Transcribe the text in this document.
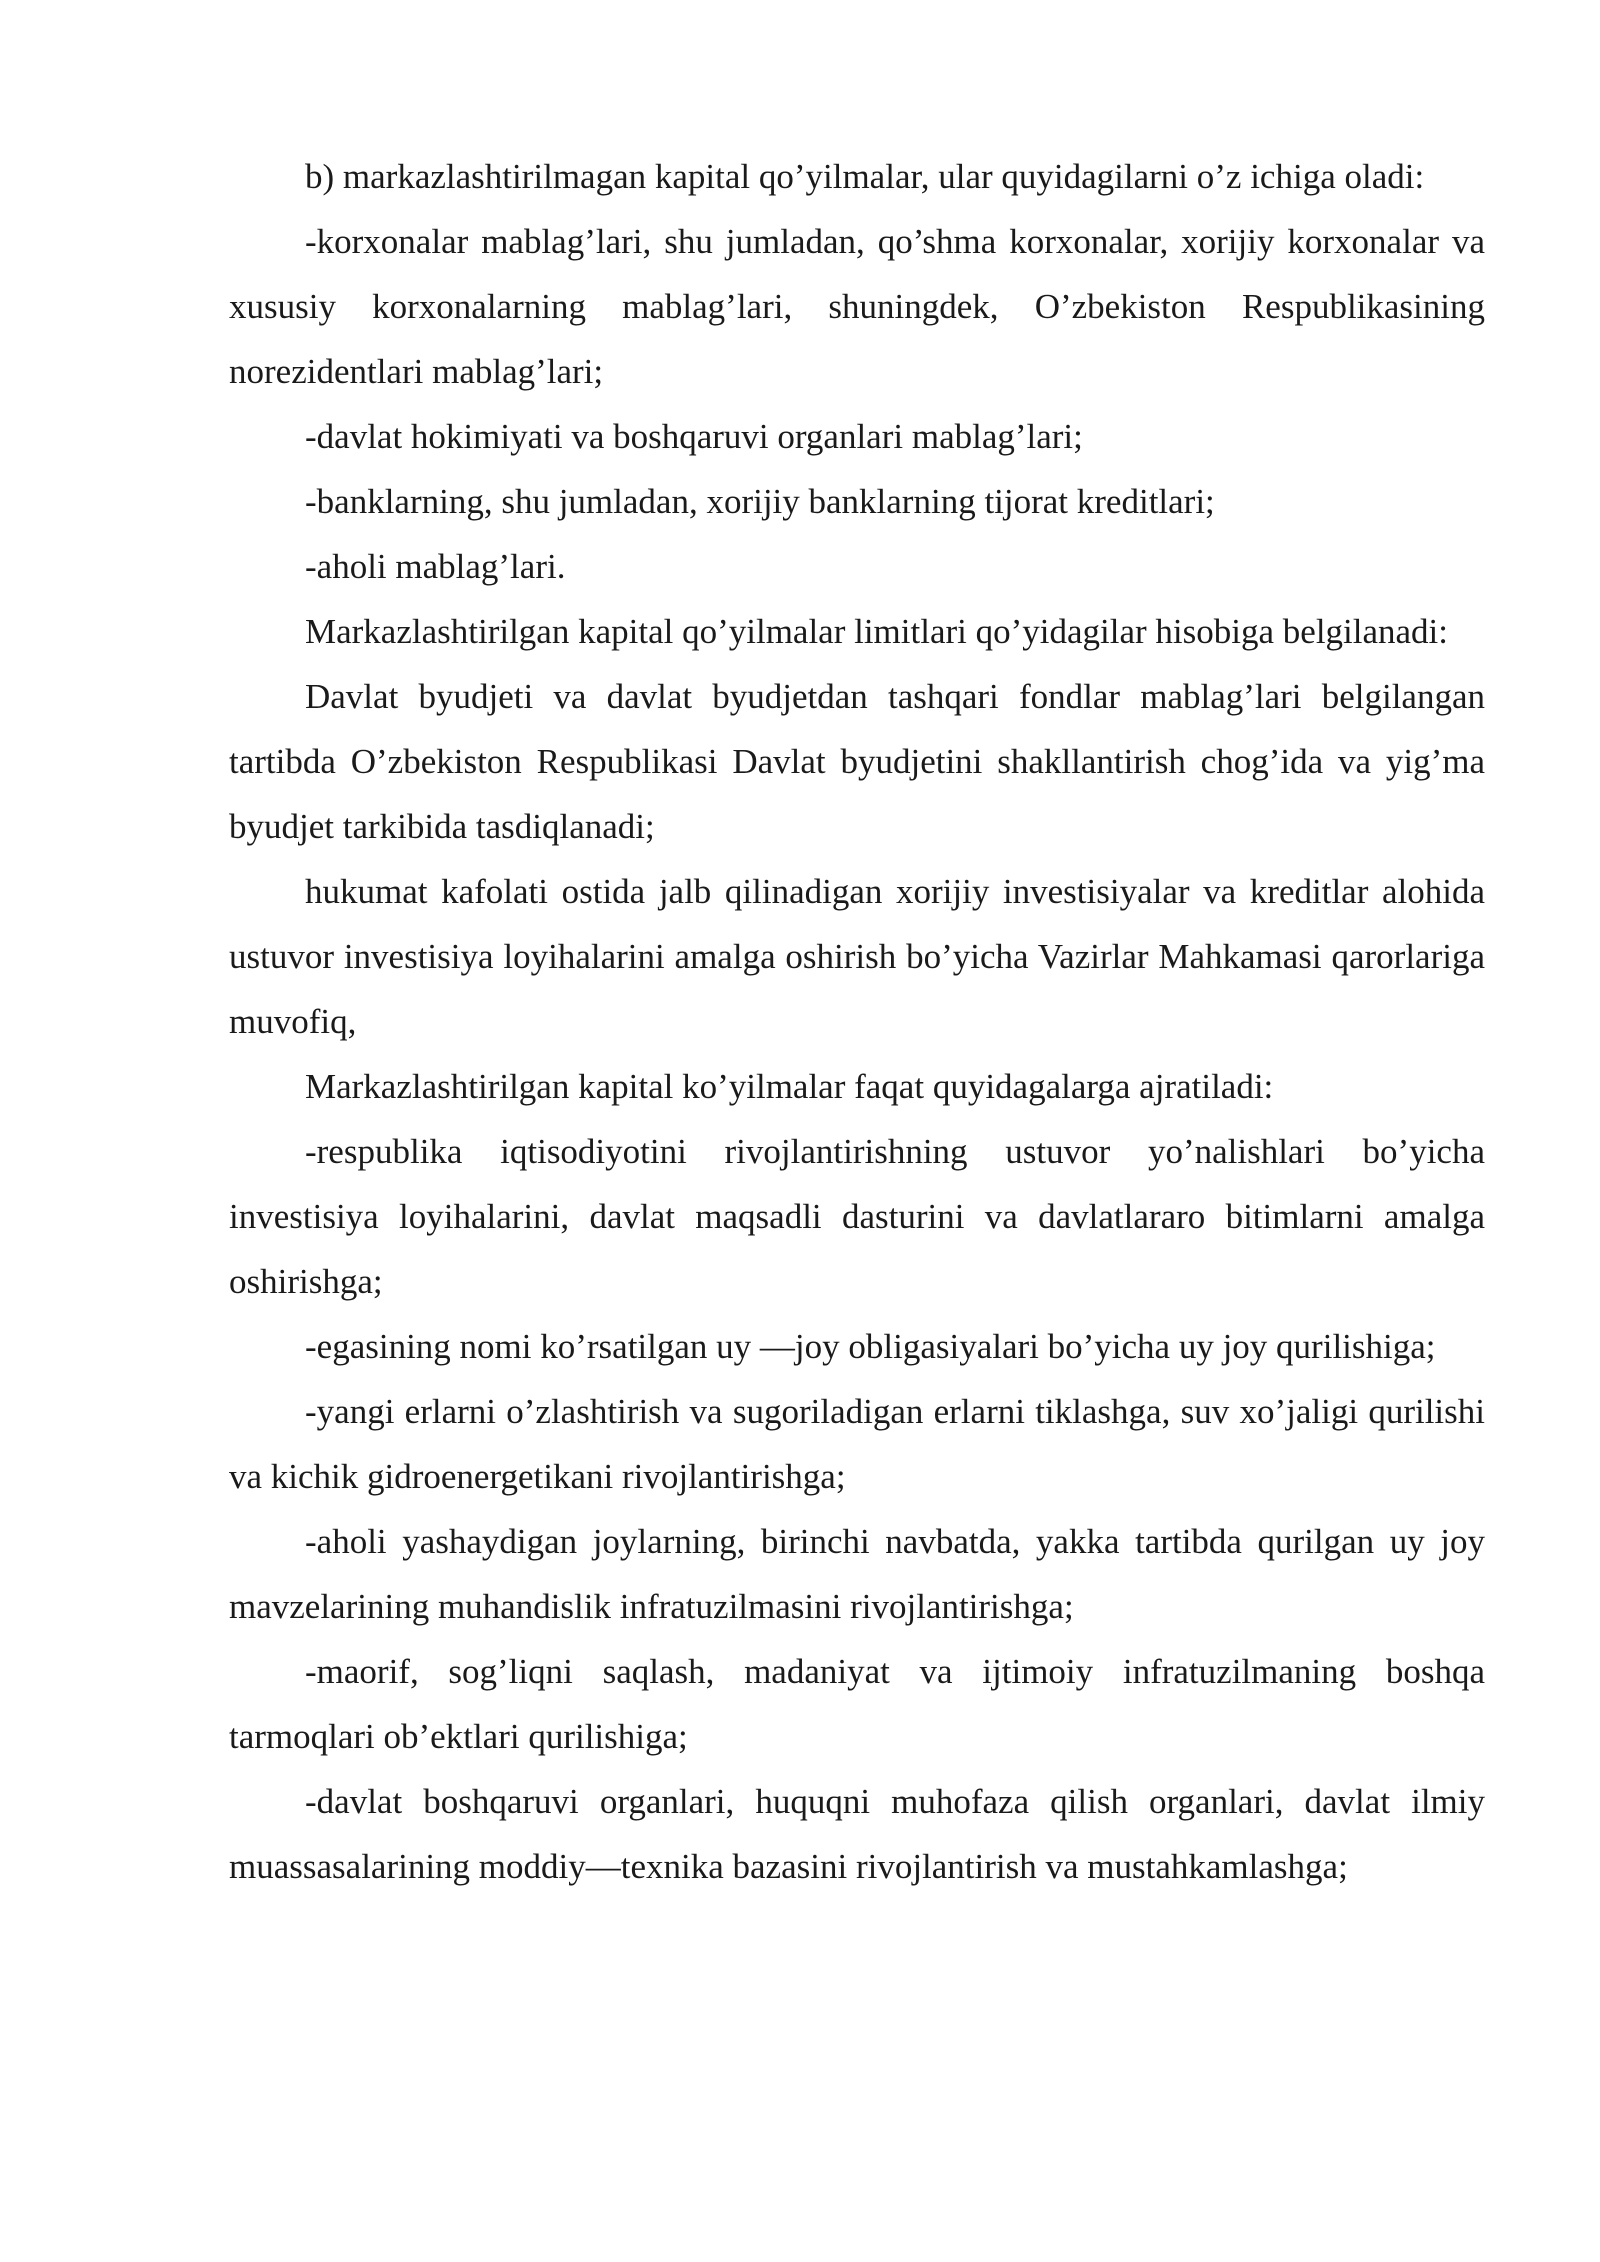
b) markazlashtirilmagan kapital qo’yilmalar, ular quyidagilarni o’z ichiga oladi:

-korxonalar mablag’lari, shu jumladan, qo’shma korxonalar, xorijiy korxonalar va xususiy korxonalarning mablag’lari, shuningdek, O’zbekiston Respublikasining norezidentlari mablag’lari;

-davlat hokimiyati va boshqaruvi organlari mablag’lari;

-banklarning, shu jumladan, xorijiy banklarning tijorat kreditlari;

-aholi mablag’lari.

Markazlashtirilgan kapital qo’yilmalar limitlari qo’yidagilar hisobiga belgilanadi:

Davlat byudjeti va davlat byudjetdan tashqari fondlar mablag’lari belgilangan tartibda O’zbekiston Respublikasi Davlat byudjetini shakllantirish chog’ida va yig’ma byudjet tarkibida tasdiqlanadi;

hukumat kafolati ostida jalb qilinadigan xorijiy investisiyalar va kreditlar alohida ustuvor investisiya loyihalarini amalga oshirish bo’yicha Vazirlar Mahkamasi qarorlariga muvofiq,

Markazlashtirilgan kapital ko’yilmalar faqat quyidagalarga ajratiladi:

-respublika iqtisodiyotini rivojlantirishning ustuvor yo’nalishlari bo’yicha investisiya loyihalarini, davlat maqsadli dasturini va davlatlararo bitimlarni amalga oshirishga;

-egasining nomi ko’rsatilgan uy —joy obligasiyalari bo’yicha uy joy qurilishiga;

-yangi erlarni o’zlashtirish va sugoriladigan erlarni tiklashga, suv xo’jaligi qurilishi va kichik gidroenergetikani rivojlantirishga;

-aholi yashaydigan joylarning, birinchi navbatda, yakka tartibda qurilgan uy joy mavzelarining muhandislik infratuzilmasini rivojlantirishga;

-maorif, sog’liqni saqlash, madaniyat va ijtimoiy infratuzilmaning boshqa tarmoqlari ob’ektlari qurilishiga;

-davlat boshqaruvi organlari, huquqni muhofaza qilish organlari, davlat ilmiy muassasalarining moddiy—texnika bazasini rivojlantirish va mustahkamlashga;
